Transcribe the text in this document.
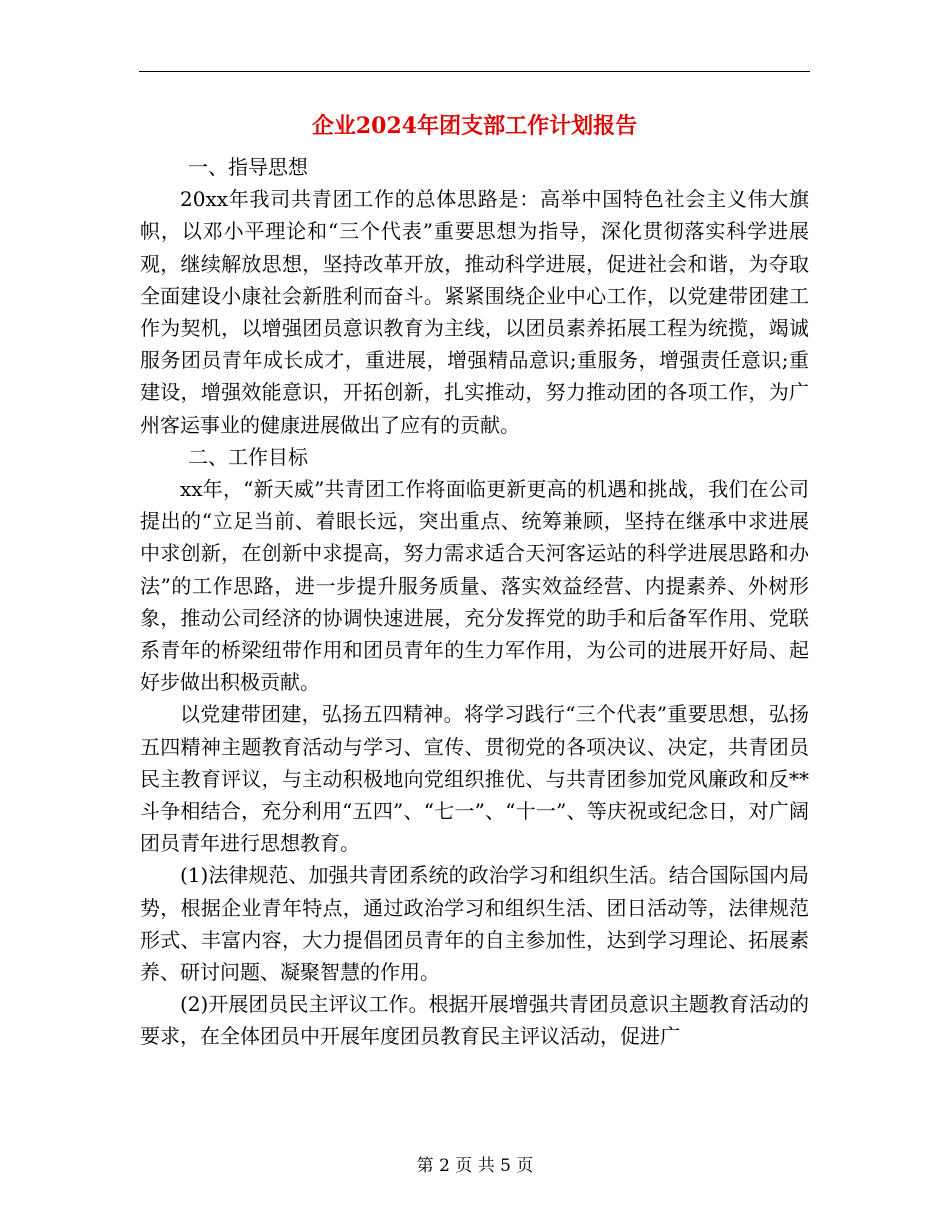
企业2024年团支部工作计划报告

一、指导思想

20xx年我司共青团工作的总体思路是：高举中国特色社会主义伟大旗帜，以邓小平理论和“三个代表”重要思想为指导，深化贯彻落实科学进展观，继续解放思想，坚持改革开放，推动科学进展，促进社会和谐，为夺取全面建设小康社会新胜利而奋斗。紧紧围绕企业中心工作，以党建带团建工作为契机，以增强团员意识教育为主线，以团员素养拓展工程为统揽，竭诚服务团员青年成长成才，重进展，增强精品意识;重服务，增强责任意识;重建设，增强效能意识，开拓创新，扎实推动，努力推动团的各项工作，为广州客运事业的健康进展做出了应有的贡献。

二、工作目标

xx年，“新天威”共青团工作将面临更新更高的机遇和挑战，我们在公司提出的“立足当前、着眼长远，突出重点、统筹兼顾，坚持在继承中求进展中求创新，在创新中求提高，努力需求适合天河客运站的科学进展思路和办法”的工作思路，进一步提升服务质量、落实效益经营、内提素养、外树形象，推动公司经济的协调快速进展，充分发挥党的助手和后备军作用、党联系青年的桥梁纽带作用和团员青年的生力军作用，为公司的进展开好局、起好步做出积极贡献。

以党建带团建，弘扬五四精神。将学习践行“三个代表”重要思想，弘扬五四精神主题教育活动与学习、宣传、贯彻党的各项决议、决定，共青团员民主教育评议，与主动积极地向党组织推优、与共青团参加党风廉政和反**斗争相结合，充分利用“五四”、“七一”、“十一”、等庆祝或纪念日，对广阔团员青年进行思想教育。

(1)法律规范、加强共青团系统的政治学习和组织生活。结合国际国内局势，根据企业青年特点，通过政治学习和组织生活、团日活动等，法律规范形式、丰富内容，大力提倡团员青年的自主参加性，达到学习理论、拓展素养、研讨问题、凝聚智慧的作用。

(2)开展团员民主评议工作。根据开展增强共青团员意识主题教育活动的要求，在全体团员中开展年度团员教育民主评议活动，促进广

第 2 页 共 5 页
